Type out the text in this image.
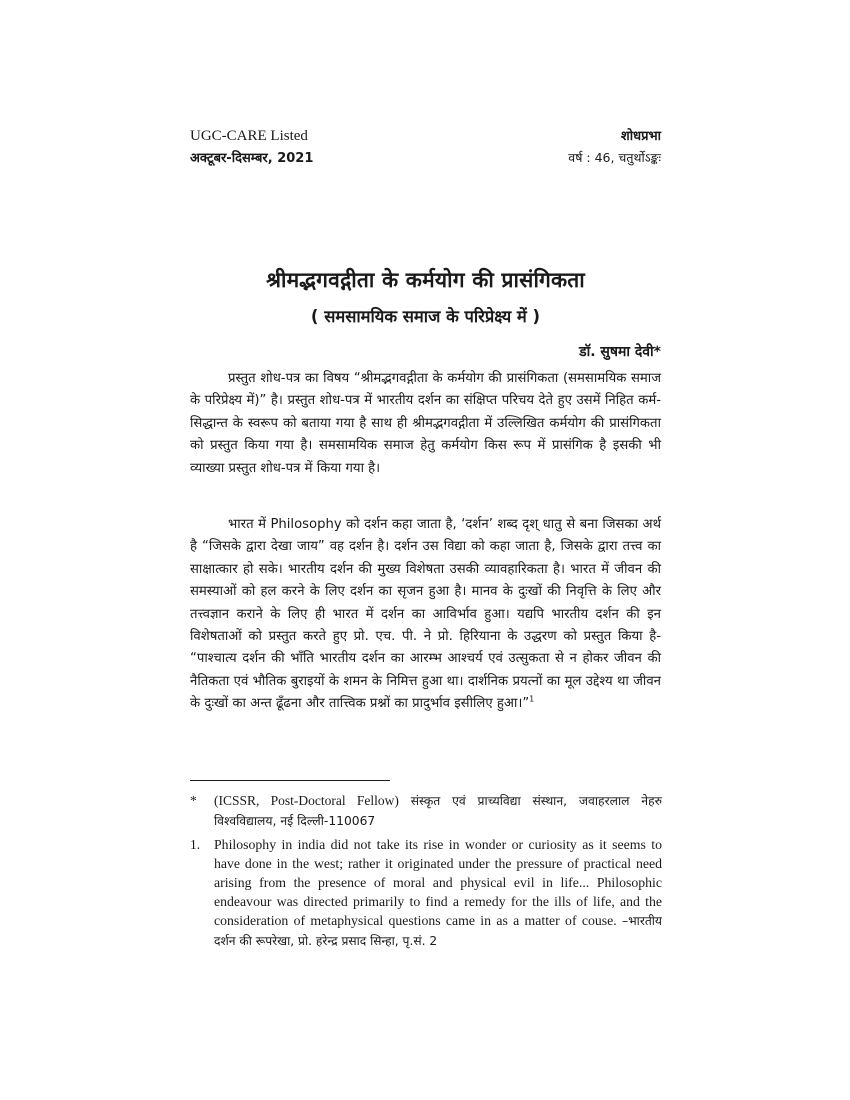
UGC-CARE Listed	शोधप्रभा
अक्टूबर-दिसम्बर, 2021	वर्ष : 46, चतुर्थोऽङ्कः
श्रीमद्भगवद्गीता के कर्मयोग की प्रासंगिकता
( समसामयिक समाज के परिप्रेक्ष्य में )
डॉ. सुषमा देवी*

प्रस्तुत शोध-पत्र का विषय “श्रीमद्भगवद्गीता के कर्मयोग की प्रासंगिकता (समसामयिक समाज के परिप्रेक्ष्य में)” है। प्रस्तुत शोध-पत्र में भारतीय दर्शन का संक्षिप्त परिचय देते हुए उसमें निहित कर्म-सिद्धान्त के स्वरूप को बताया गया है साथ ही श्रीमद्भगवद्गीता में उल्लिखित कर्मयोग की प्रासंगिकता को प्रस्तुत किया गया है। समसामयिक समाज हेतु कर्मयोग किस रूप में प्रासंगिक है इसकी भी व्याख्या प्रस्तुत शोध-पत्र में किया गया है।

भारत में Philosophy को दर्शन कहा जाता है, ‘दर्शन’ शब्द दृश् धातु से बना जिसका अर्थ है “जिसके द्वारा देखा जाय” वह दर्शन है। दर्शन उस विद्या को कहा जाता है, जिसके द्वारा तत्त्व का साक्षात्कार हो सके। भारतीय दर्शन की मुख्य विशेषता उसकी व्यावहारिकता है। भारत में जीवन की समस्याओं को हल करने के लिए दर्शन का सृजन हुआ है। मानव के दुःखों की निवृत्ति के लिए और तत्त्वज्ञान कराने के लिए ही भारत में दर्शन का आविर्भाव हुआ। यद्यपि भारतीय दर्शन की इन विशेषताओं को प्रस्तुत करते हुए प्रो. एच. पी. ने प्रो. हिरियाना के उद्धरण को प्रस्तुत किया है- “पाश्चात्य दर्शन की भाँति भारतीय दर्शन का आरम्भ आश्चर्य एवं उत्सुकता से न होकर जीवन की नैतिकता एवं भौतिक बुराइयों के शमन के निमित्त हुआ था। दार्शनिक प्रयत्नों का मूल उद्देश्य था जीवन के दुःखों का अन्त ढूँढना और तात्त्विक प्रश्नों का प्रादुर्भाव इसीलिए हुआ।”$^1$

*	(ICSSR, Post-Doctoral Fellow) संस्कृत एवं प्राच्यविद्या संस्थान, जवाहरलाल नेहरु विश्वविद्यालय, नई दिल्ली-110067
1.	Philosophy in india did not take its rise in wonder or curiosity as it seems to have done in the west; rather it originated under the pressure of practical need arising from the presence of moral and physical evil in life... Philosophic endeavour was directed primarily to find a remedy for the ills of life, and the consideration of metaphysical questions came in as a matter of couse. –भारतीय दर्शन की रूपरेखा, प्रो. हरेन्द्र प्रसाद सिन्हा, पृ.सं. 2
